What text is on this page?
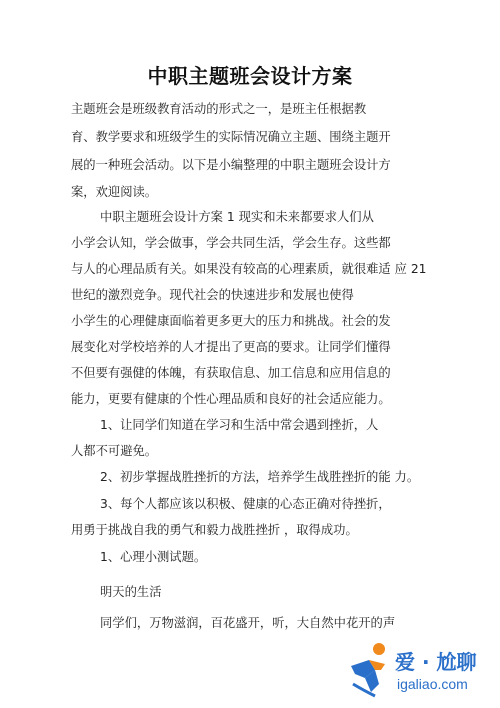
中职主题班会设计方案
主题班会是班级教育活动的形式之一，是班主任根据教
育、教学要求和班级学生的实际情况确立主题、围绕主题开
展的一种班会活动。以下是小编整理的中职主题班会设计方
案，欢迎阅读。
中职主题班会设计方案 1 现实和未来都要求人们从
小学会认知，学会做事，学会共同生活，学会生存。这些都
与人的心理品质有关。如果没有较高的心理素质，就很难适 应 21
世纪的激烈竞争。现代社会的快速进步和发展也使得
小学生的心理健康面临着更多更大的压力和挑战。社会的发
展变化对学校培养的人才提出了更高的要求。让同学们懂得
不但要有强健的体魄，有获取信息、加工信息和应用信息的
能力，更要有健康的个性心理品质和良好的社会适应能力。
1、让同学们知道在学习和生活中常会遇到挫折，人
人都不可避免。
2、初步掌握战胜挫折的方法，培养学生战胜挫折的能 力。
3、每个人都应该以积极、健康的心态正确对待挫折，
用勇于挑战自我的勇气和毅力战胜挫折 ，取得成功。
1、心理小测试题。
明天的生活
同学们，万物滋润，百花盛开，听，大自然中花开的声
爱 · 尬聊
igaliao.com
